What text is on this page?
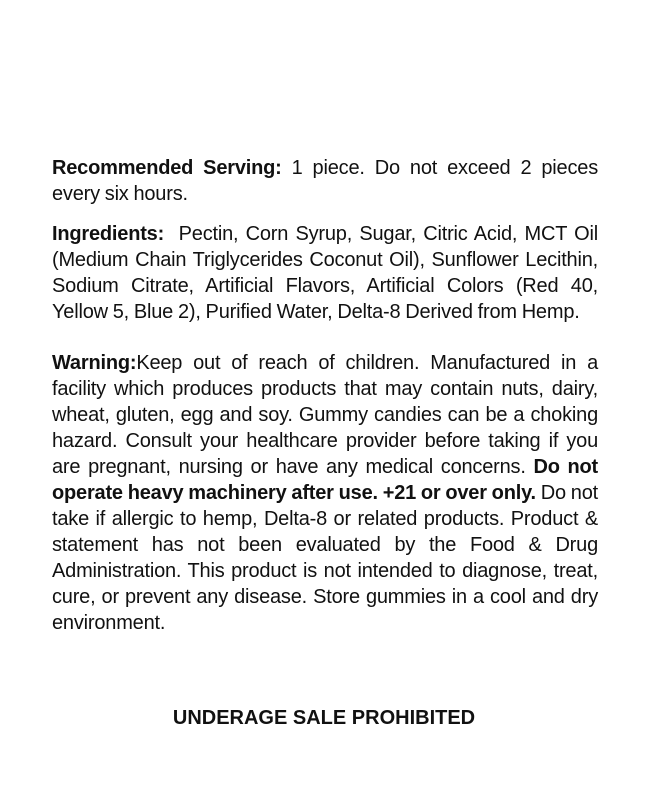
Recommended Serving: 1 piece. Do not exceed 2 pieces every six hours.

Ingredients: Pectin, Corn Syrup, Sugar, Citric Acid, MCT Oil (Medium Chain Triglycerides Coconut Oil), Sunflower Lecithin, Sodium Citrate, Artificial Flavors, Artificial Colors (Red 40, Yellow 5, Blue 2), Purified Water, Delta-8 Derived from Hemp.

Warning:Keep out of reach of children. Manufactured in a facility which produces products that may contain nuts, dairy, wheat, gluten, egg and soy. Gummy candies can be a choking hazard. Consult your healthcare provider before taking if you are pregnant, nursing or have any medical concerns. Do not operate heavy machinery after use. +21 or over only. Do not take if allergic to hemp, Delta-8 or related products. Product & statement has not been evaluated by the Food & Drug Administration. This product is not intended to diagnose, treat, cure, or prevent any disease. Store gummies in a cool and dry environment.

UNDERAGE SALE PROHIBITED
